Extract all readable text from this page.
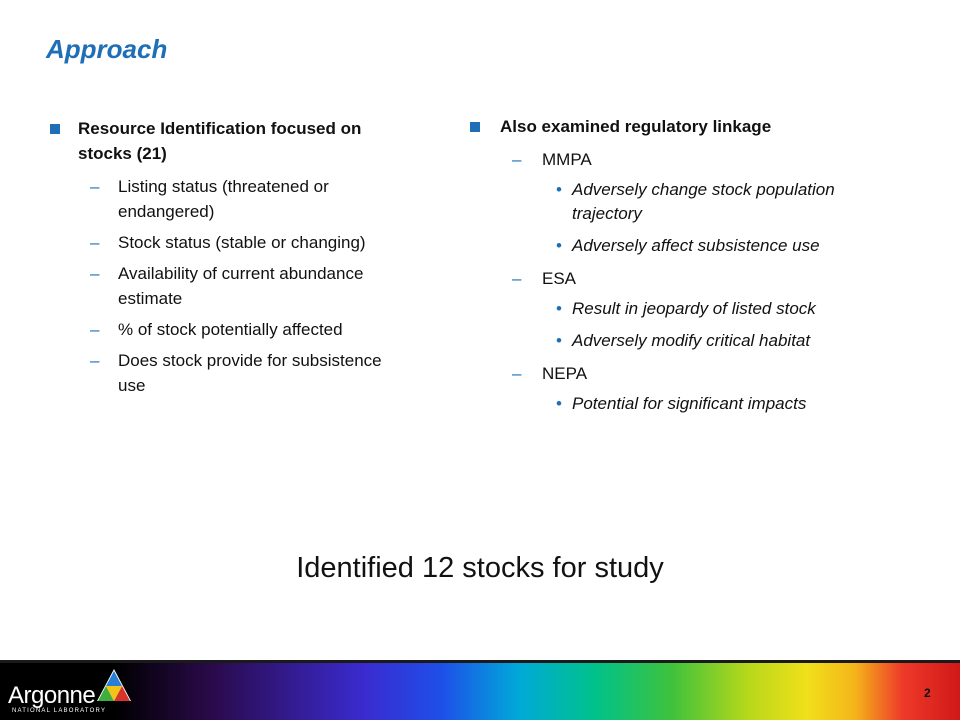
Approach
Resource Identification focused on stocks (21)
– Listing status (threatened or endangered)
– Stock status (stable or changing)
– Availability of current abundance estimate
– % of stock potentially affected
– Does stock provide for subsistence use
Also examined regulatory linkage
– MMPA
• Adversely change stock population trajectory
• Adversely affect subsistence use
– ESA
• Result in jeopardy of listed stock
• Adversely modify critical habitat
– NEPA
• Potential for significant impacts
Identified 12 stocks for study
Argonne
NATIONAL LABORATORY
2
